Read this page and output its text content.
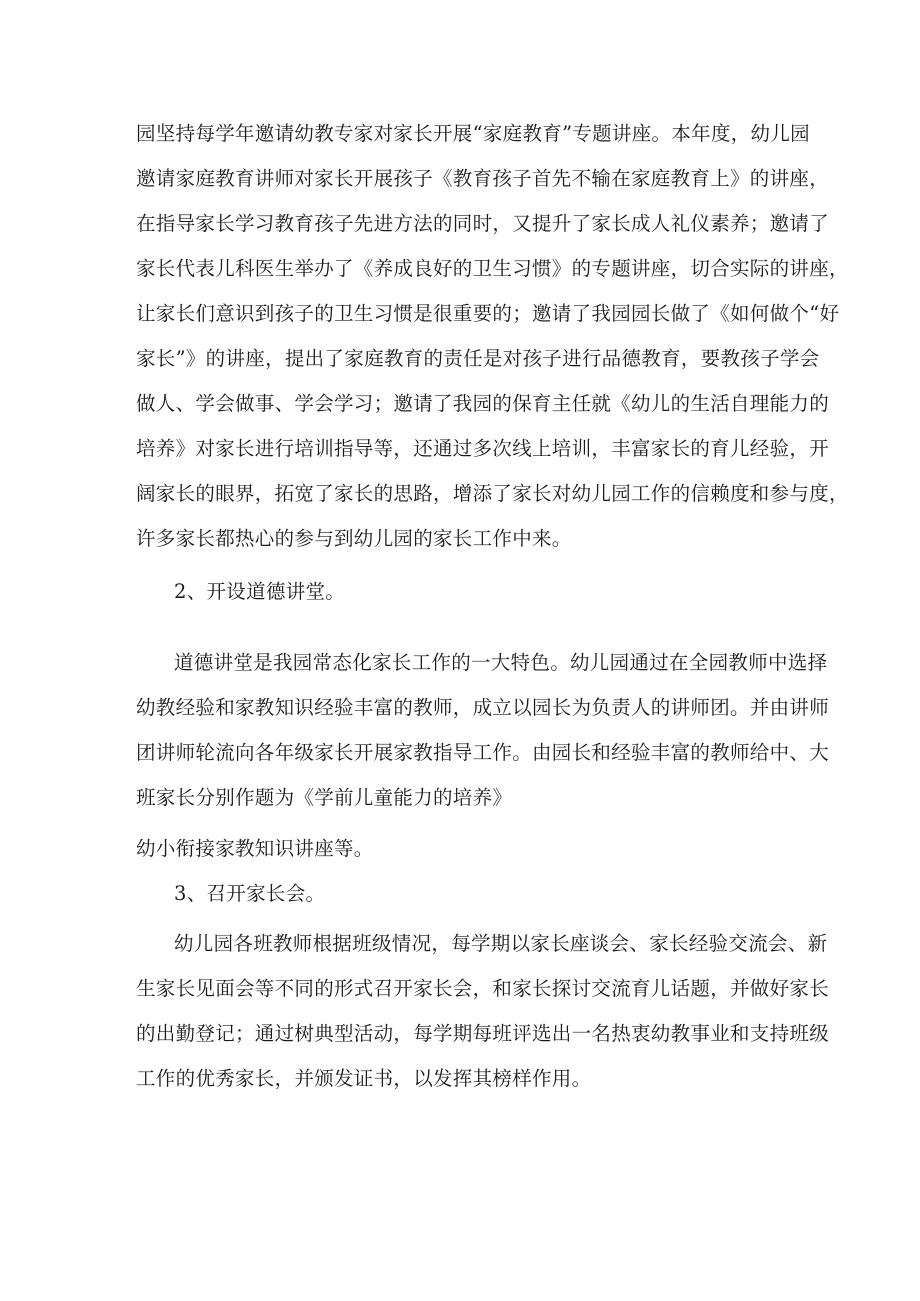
园坚持每学年邀请幼教专家对家长开展“家庭教育”专题讲座。本年度，幼儿园
邀请家庭教育讲师对家长开展孩子《教育孩子首先不输在家庭教育上》的讲座，
在指导家长学习教育孩子先进方法的同时，又提升了家长成人礼仪素养；邀请了
家长代表儿科医生举办了《养成良好的卫生习惯》的专题讲座，切合实际的讲座，
让家长们意识到孩子的卫生习惯是很重要的；邀请了我园园长做了《如何做个“好
家长”》的讲座，提出了家庭教育的责任是对孩子进行品德教育，要教孩子学会
做人、学会做事、学会学习；邀请了我园的保育主任就《幼儿的生活自理能力的
培养》对家长进行培训指导等，还通过多次线上培训，丰富家长的育儿经验，开
阔家长的眼界，拓宽了家长的思路，增添了家长对幼儿园工作的信赖度和参与度，
许多家长都热心的参与到幼儿园的家长工作中来。
2、开设道德讲堂。
道德讲堂是我园常态化家长工作的一大特色。幼儿园通过在全园教师中选择
幼教经验和家教知识经验丰富的教师，成立以园长为负责人的讲师团。并由讲师
团讲师轮流向各年级家长开展家教指导工作。由园长和经验丰富的教师给中、大
班家长分别作题为《学前儿童能力的培养》
幼小衔接家教知识讲座等。
3、召开家长会。
幼儿园各班教师根据班级情况，每学期以家长座谈会、家长经验交流会、新
生家长见面会等不同的形式召开家长会，和家长探讨交流育儿话题，并做好家长
的出勤登记；通过树典型活动，每学期每班评选出一名热衷幼教事业和支持班级
工作的优秀家长，并颁发证书，以发挥其榜样作用。
